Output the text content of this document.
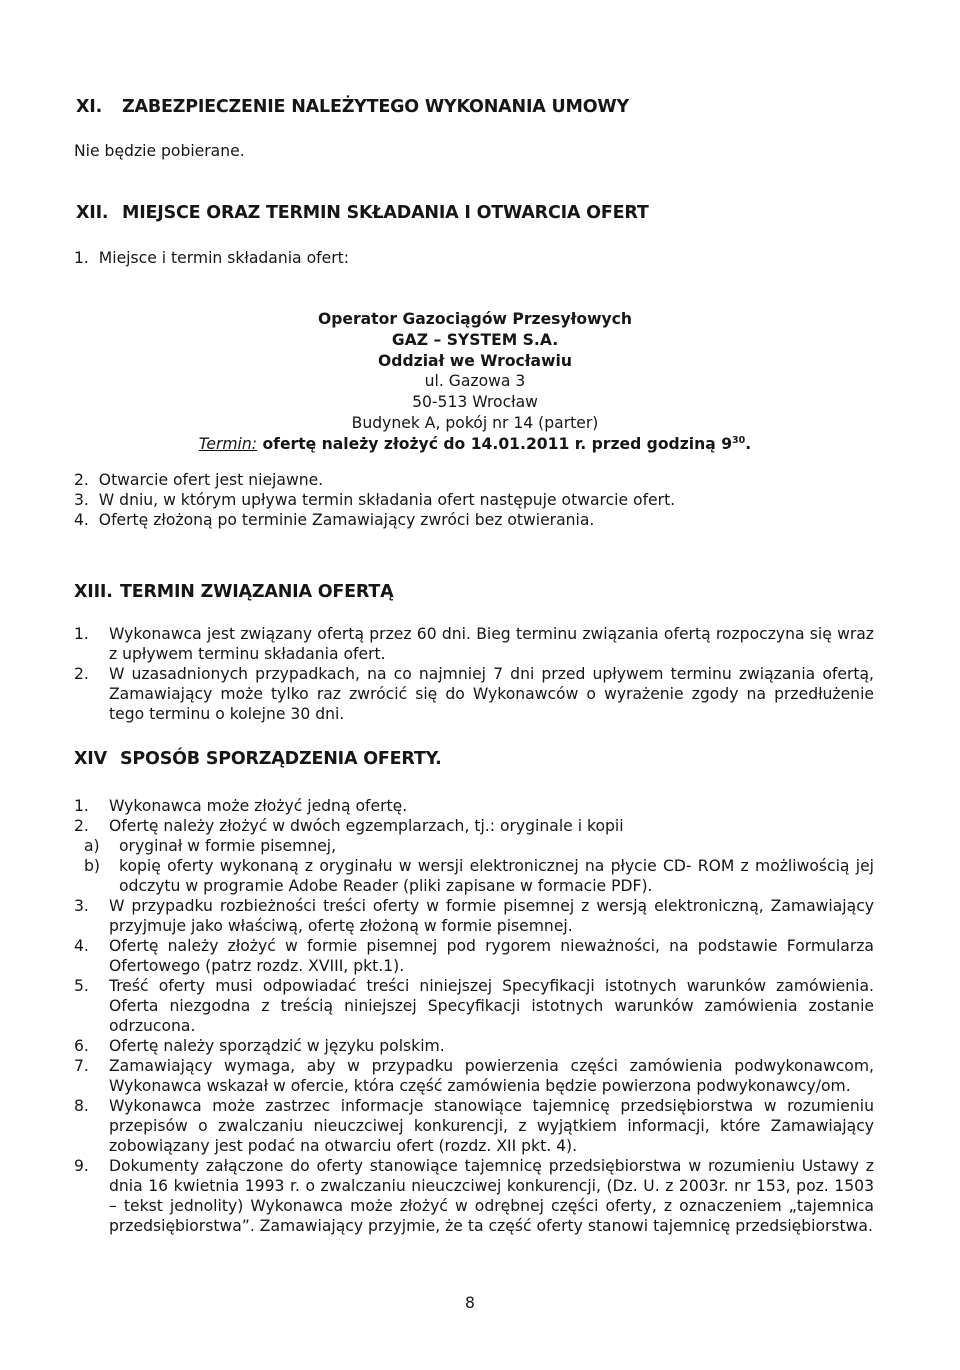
XI. ZABEZPIECZENIE NALEŻYTEGO WYKONANIA UMOWY
Nie będzie pobierane.
XII. MIEJSCE ORAZ TERMIN SKŁADANIA I OTWARCIA OFERT
1.  Miejsce i termin składania ofert:
Operator Gazociągów Przesyłowych
GAZ – SYSTEM S.A.
Oddział we Wrocławiu
ul. Gazowa 3
50-513 Wrocław
Budynek A, pokój nr 14 (parter)
Termin: ofertę należy złożyć do 14.01.2011 r. przed godziną $9^{30}$.
2.  Otwarcie ofert jest niejawne.
3.  W dniu, w którym upływa termin składania ofert następuje otwarcie ofert.
4.  Ofertę złożoną po terminie Zamawiający zwróci bez otwierania.
XIII. TERMIN ZWIĄZANIA OFERTĄ
1. Wykonawca jest związany ofertą przez 60 dni. Bieg terminu związania ofertą rozpoczyna się wraz z upływem terminu składania ofert.
2. W uzasadnionych przypadkach, na co najmniej 7 dni przed upływem terminu związania ofertą, Zamawiający może tylko raz zwrócić się do Wykonawców o wyrażenie zgody na przedłużenie tego terminu o kolejne 30 dni.
XIV SPOSÓB SPORZĄDZENIA OFERTY.
1. Wykonawca może złożyć jedną ofertę.
2. Ofertę należy złożyć w dwóch egzemplarzach, tj.: oryginale i kopii
a) oryginał w formie pisemnej,
b) kopię oferty wykonaną z oryginału w wersji elektronicznej na płycie CD- ROM z możliwością jej odczytu w programie Adobe Reader (pliki zapisane w formacie PDF).
3. W przypadku rozbieżności treści oferty w formie pisemnej z wersją elektroniczną, Zamawiający przyjmuje jako właściwą, ofertę złożoną w formie pisemnej.
4. Ofertę należy złożyć w formie pisemnej pod rygorem nieważności, na podstawie Formularza Ofertowego (patrz rozdz. XVIII, pkt.1).
5. Treść oferty musi odpowiadać treści niniejszej Specyfikacji istotnych warunków zamówienia. Oferta niezgodna z treścią niniejszej Specyfikacji istotnych warunków zamówienia zostanie odrzucona.
6. Ofertę należy sporządzić w języku polskim.
7. Zamawiający wymaga, aby w przypadku powierzenia części zamówienia podwykonawcom, Wykonawca wskazał w ofercie, która część zamówienia będzie powierzona podwykonawcy/om.
8. Wykonawca może zastrzec informacje stanowiące tajemnicę przedsiębiorstwa w rozumieniu przepisów o zwalczaniu nieuczciwej konkurencji, z wyjątkiem informacji, które Zamawiający zobowiązany jest podać na otwarciu ofert (rozdz. XII pkt. 4).
9. Dokumenty załączone do oferty stanowiące tajemnicę przedsiębiorstwa w rozumieniu Ustawy z dnia 16 kwietnia 1993 r. o zwalczaniu nieuczciwej konkurencji, (Dz. U. z 2003r. nr 153, poz. 1503 – tekst jednolity) Wykonawca może złożyć w odrębnej części oferty, z oznaczeniem „tajemnica przedsiębiorstwa”. Zamawiający przyjmie, że ta część oferty stanowi tajemnicę przedsiębiorstwa.
8
